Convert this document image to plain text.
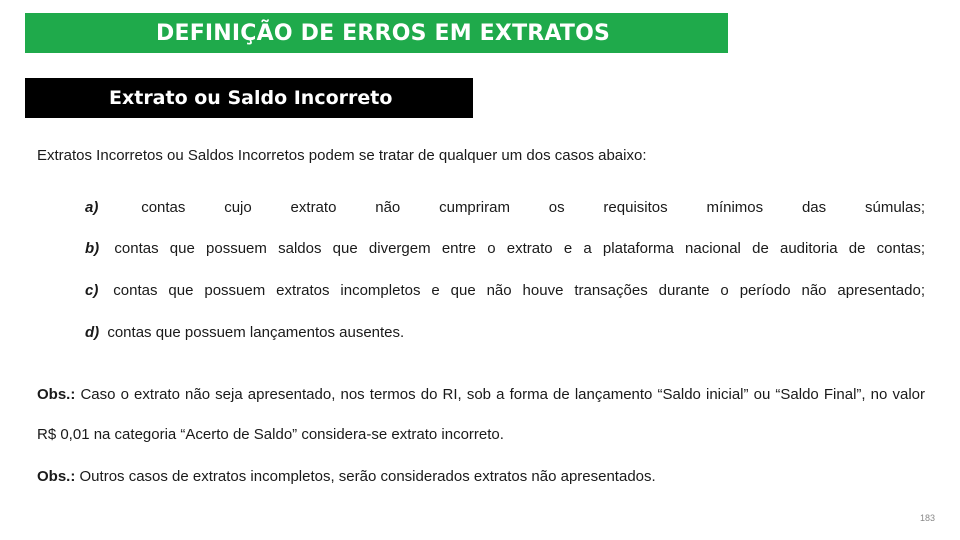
DEFINIÇÃO DE ERROS EM EXTRATOS
Extrato ou Saldo Incorreto
Extratos Incorretos ou Saldos Incorretos podem se tratar de qualquer um dos casos abaixo:
a)	contas cujo extrato não cumpriram os requisitos mínimos das súmulas;
b) contas que possuem saldos que divergem entre o extrato e a plataforma nacional de auditoria de contas;
c) contas que possuem extratos incompletos e que não houve transações durante o período não apresentado;
d) contas que possuem lançamentos ausentes.
Obs.: Caso o extrato não seja apresentado, nos termos do RI, sob a forma de lançamento “Saldo inicial” ou “Saldo Final”, no valor R$ 0,01 na categoria “Acerto de Saldo” considera-se extrato incorreto.
Obs.: Outros casos de extratos incompletos, serão considerados extratos não apresentados.
183
